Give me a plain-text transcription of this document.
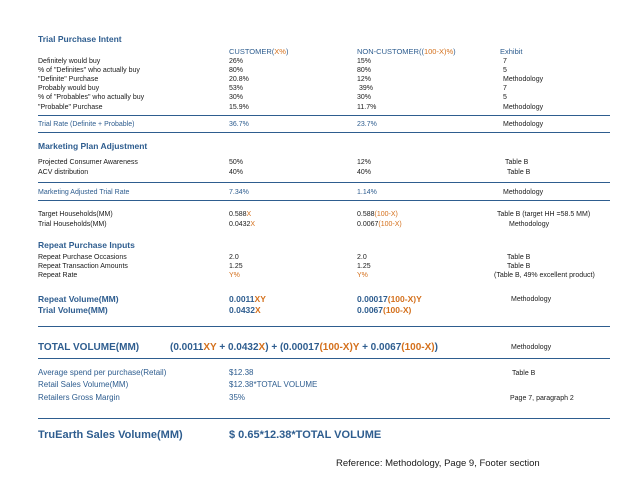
Trial Purchase Intent
CUSTOMER(X%)	NON-CUSTOMER((100-X)%)	Exhibit
Definitely would buy	26%	15%	7
% of "Definites" who actually buy	80%	80%	5
"Definite" Purchase	20.8%	12%	Methodology
Probably would buy	53%	39%	7
% of "Probables" who actually buy	30%	30%	5
"Probable" Purchase	15.9%	11.7%	Methodology
Trial Rate (Definite + Probable)	36.7%	23.7%	Methodology
Marketing Plan Adjustment
Projected Consumer Awareness	50%	12%	Table B
ACV distribution	40%	40%	Table B
Marketing Adjusted Trial Rate	7.34%	1.14%	Methodology
Target Households(MM)	0.588X	0.588(100-X)	Table B (target HH =58.5 MM)
Trial Households(MM)	0.0432X	0.0067(100-X)	Methodology
Repeat Purchase Inputs
Repeat Purchase Occasions	2.0	2.0	Table B
Repeat Transaction Amounts	1.25	1.25	Table B
Repeat Rate	Y%	Y%	(Table B, 49% excellent product)
Repeat Volume(MM)	0.0011XY	0.00017(100-X)Y	Methodology
Trial Volume(MM)	0.0432X	0.0067(100-X)
TOTAL VOLUME(MM)	(0.0011XY + 0.0432X) + (0.00017(100-X)Y + 0.0067(100-X))	Methodology
Average spend per purchase(Retail)	$12.38	Table B
Retail Sales Volume(MM)	$12.38*TOTAL VOLUME
Retailers Gross Margin	35%	Page 7, paragraph 2
TruEarth Sales Volume(MM)	$ 0.65*12.38*TOTAL VOLUME
Reference: Methodology, Page 9, Footer section
